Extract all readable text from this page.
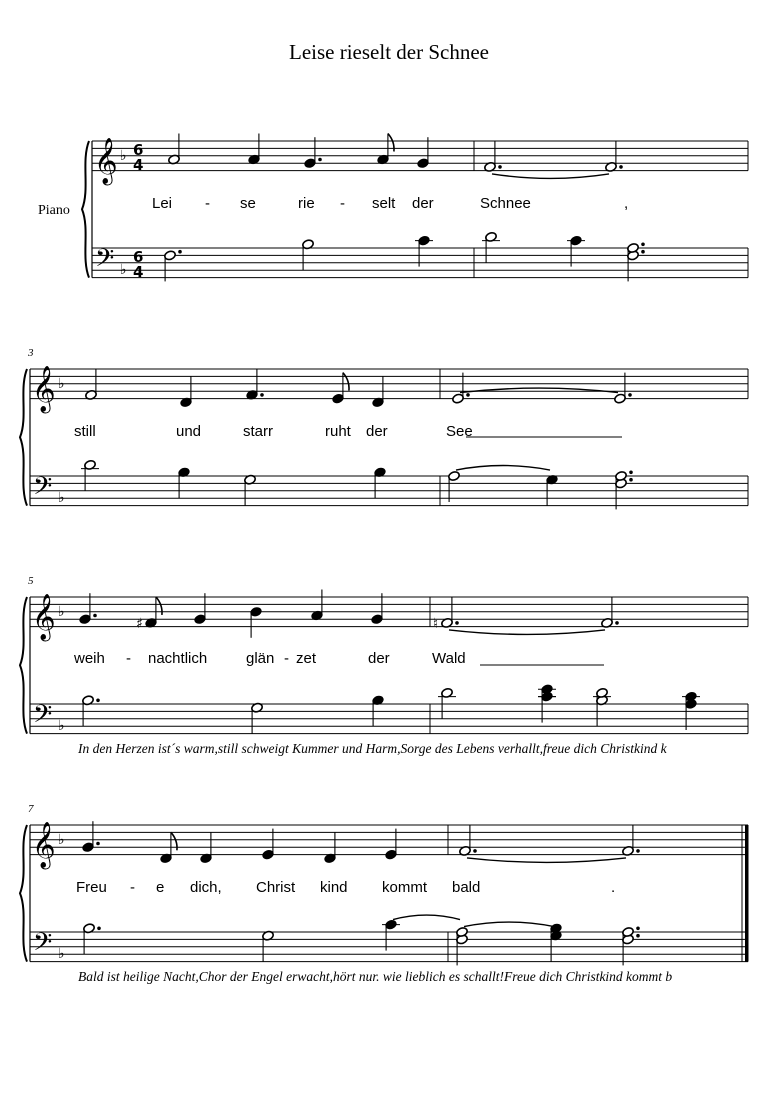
𝄞
𝄢
♭
♭
𝄞
𝄢
♭
♭
𝄞
𝄢
♭
♭
𝄞
𝄢
♭
♭
6
4
6
4
♯	♮
Leise rieselt der Schnee
Piano
3
5
7
Lei - se	rie - selt der	Schnee	,
still	und	starr	ruht der	See
weih - nachtlich	glän - zet	der	Wald
Freu - e dich, Christ kind kommt bald	.
In den Herzen ist´s warm,still schweigt Kummer und Harm,Sorge des Lebens verhallt,freue dich Christkind k
Bald ist heilige Nacht,Chor der Engel erwacht,hört nur. wie lieblich es schallt!Freue dich Christkind kommt b
